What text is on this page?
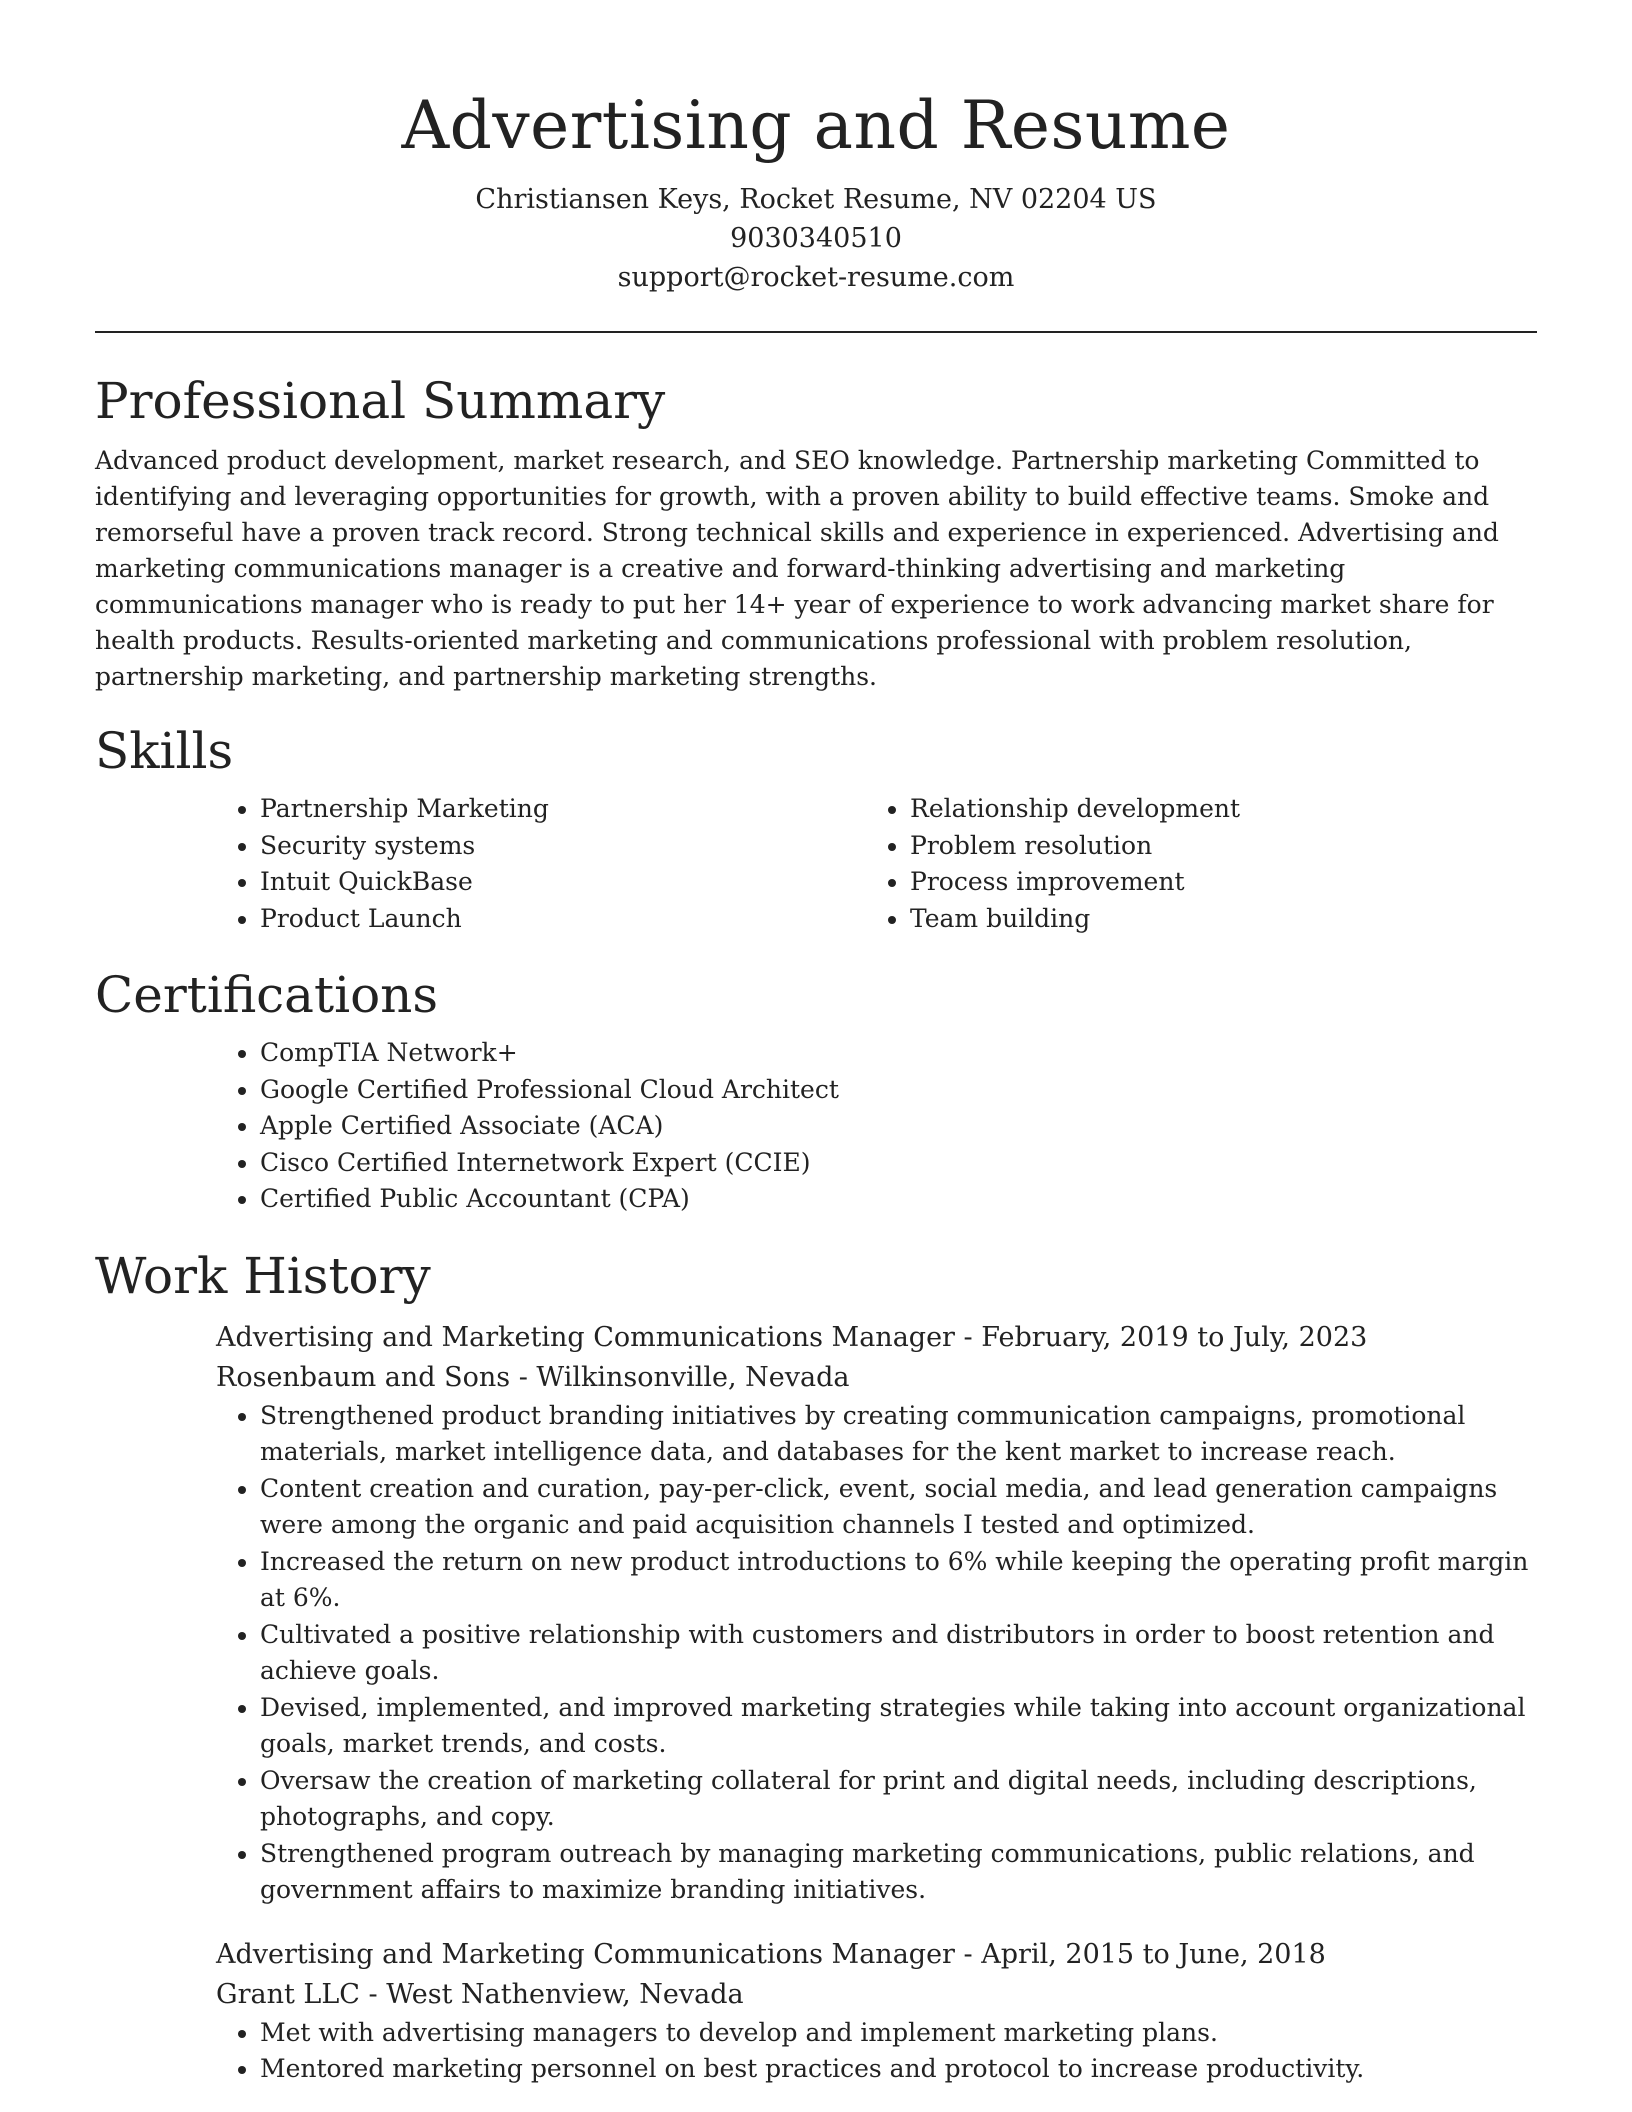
Advertising and Resume

Christiansen Keys, Rocket Resume, NV 02204 US

9030340510

support@rocket-resume.com

Professional Summary

Advanced product development, market research, and SEO knowledge. Partnership marketing Committed to identifying and leveraging opportunities for growth, with a proven ability to build effective teams. Smoke and remorseful have a proven track record. Strong technical skills and experience in experienced. Advertising and marketing communications manager is a creative and forward-thinking advertising and marketing communications manager who is ready to put her 14+ year of experience to work advancing market share for health products. Results-oriented marketing and communications professional with problem resolution, partnership marketing, and partnership marketing strengths.

Skills
• Partnership Marketing
• Security systems
• Intuit QuickBase
• Product Launch
• Relationship development
• Problem resolution
• Process improvement
• Team building
Certifications
• CompTIA Network+
• Google Certified Professional Cloud Architect
• Apple Certified Associate (ACA)
• Cisco Certified Internetwork Expert (CCIE)
• Certified Public Accountant (CPA)
Work History

Advertising and Marketing Communications Manager - February, 2019 to July, 2023

Rosenbaum and Sons - Wilkinsonville, Nevada

• Strengthened product branding initiatives by creating communication campaigns, promotional materials, market intelligence data, and databases for the kent market to increase reach.
• Content creation and curation, pay-per-click, event, social media, and lead generation campaigns were among the organic and paid acquisition channels I tested and optimized.
• Increased the return on new product introductions to 6% while keeping the operating profit margin at 6%.
• Cultivated a positive relationship with customers and distributors in order to boost retention and achieve goals.
• Devised, implemented, and improved marketing strategies while taking into account organizational goals, market trends, and costs.
• Oversaw the creation of marketing collateral for print and digital needs, including descriptions, photographs, and copy.
• Strengthened program outreach by managing marketing communications, public relations, and government affairs to maximize branding initiatives.

Advertising and Marketing Communications Manager - April, 2015 to June, 2018

Grant LLC - West Nathenview, Nevada

• Met with advertising managers to develop and implement marketing plans.
• Mentored marketing personnel on best practices and protocol to increase productivity.
